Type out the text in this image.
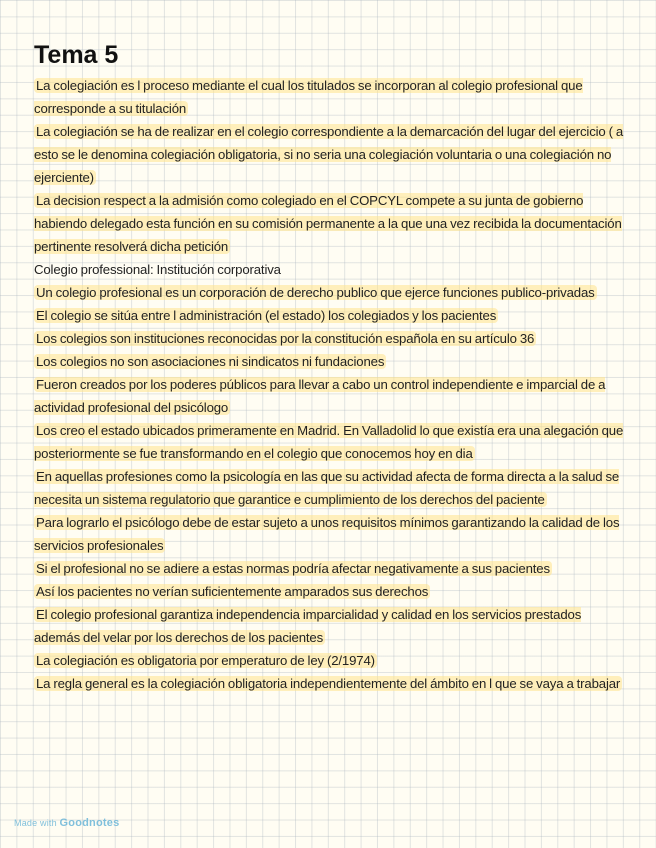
Tema 5

La colegiación es l proceso mediante el cual los titulados se incorporan al colegio profesional que corresponde a su titulación

La colegiación se ha de realizar en el colegio correspondiente a la demarcación del lugar del ejercicio ( a esto se le denomina colegiación obligatoria, si no seria una colegiación voluntaria o una colegiación no ejerciente)

La decision respect a la admisión como colegiado en el COPCYL compete a su junta de gobierno habiendo delegado esta función en su comisión permanente a la que una vez recibida la documentación pertinente resolverá dicha petición

Colegio professional: Institución corporativa

Un colegio profesional es un corporación de derecho publico que ejerce funciones publico-privadas

El colegio se sitúa entre l administración (el estado) los colegiados y los pacientes

Los colegios son instituciones reconocidas por la constitución española en su artículo 36

Los colegios no son asociaciones ni sindicatos ni fundaciones

Fueron creados por los poderes públicos para llevar a cabo un control independiente e imparcial de a actividad profesional del psicólogo

Los creo el estado ubicados primeramente en Madrid. En Valladolid lo que existía era una alegación que posteriormente se fue transformando en el colegio que conocemos hoy en dia

En aquellas profesiones como la psicología en las que su actividad afecta de forma directa a la salud se necesita un sistema regulatorio que garantice e cumplimiento de los derechos del paciente

Para lograrlo el psicólogo debe de estar sujeto a unos requisitos mínimos garantizando la calidad de los servicios profesionales

Si el profesional no se adiere a estas normas podría afectar negativamente a sus pacientes

Así los pacientes no verían suficientemente amparados sus derechos

El colegio profesional garantiza independencia imparcialidad y calidad en los servicios prestados además del velar por los derechos de los pacientes

La colegiación es obligatoria por emperaturo de ley (2/1974)

La regla general es la colegiación obligatoria independientemente del ámbito en l que se vaya a trabajar

Made with Goodnotes
